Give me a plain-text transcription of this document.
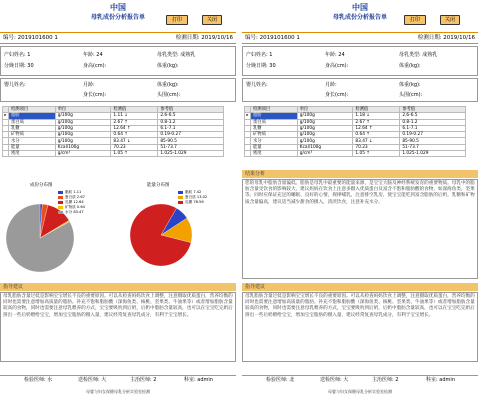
中国
母乳成份分析报告单	打印	关闭
编号: 2019101600 1	检测日期: 2019/10/16
产妇姓名: 1	年龄: 24	母乳类型: 成熟乳
分娩日期: 30	身高(cm):	体重(kg):
婴儿姓名:	月龄:	体重(kg):
身长(cm):	头围(cm):
	检测项目	单位	检测值	参考值
▸	脂肪	g/100g	1.11 ↓	2.6-6.5
	蛋白质	g/100g	2.67 ↑	0.8-1.2
	乳糖	g/100g	12.64 ↑	6.1-7.1
	矿物质	g/100g	0.64 ↑	0.19-0.27
	水分	g/100g	83.47 ↓	85-90.5
	能量	Kcal/100g	70.23	51-73.7
	密度	g/cm³	1.05 ↑	1.025-1.029
成份分布图	能量分布图
脂肪 1.11
蛋白质 2.67
乳糖 12.64
矿物质 0.64
水分 83.47
脂肪 7.42
蛋白质 13.02
乳糖 78.56
指导建议
母乳脂肪含量过低是影响宝宝增长不良的重要原因。可以从检查妈妈饮食上调整，注意摄取优质蛋白，营养均衡的同时也需要注意增加高质量的脂肪。补充不饱和脂肪酸（深海鱼类、核桃、坚果类、牛油果等）或者增加脂肪含量较高的食物，同时也需要注意母乳喂养的方式，宝宝要吸吮到后奶，后奶中脂肪含量较高，也可以在宝宝吃完奶后挤出一些后奶喂给宝宝，增加宝宝脂肪的摄入量，建议经常复查母乳成分，有利于宝宝增长。
检验医师: 水	送检医师: 大	主治医师: 2	科室: admin
母婴与妇女保健母乳分析实验室检测
中国
母乳成份分析报告单	打印	关闭
编号: 2019101600 1	检测日期: 2019/10/16
产妇姓名: 1	年龄: 24	母乳类型: 成熟乳
分娩日期: 30	身高(cm):	体重(kg):
婴儿姓名:	月龄:	体重(kg):
身长(cm):	头围(cm):
	检测项目	单位	检测值	参考值
▸	脂肪	g/100g	1.18 ↓	2.6-6.5
	蛋白质	g/100g	2.67 ↑	0.8-1.2
	乳糖	g/100g	12.64 ↑	6.1-7.1
	矿物质	g/100g	0.64 ↑	0.19-0.27
	水分	g/100g	83.47 ↓	85-90.5
	能量	Kcal/100g	70.23	51-73.7
	密度	g/cm³	1.05 ↑	1.025-1.029
结果分析
您的母乳中脂肪含量偏低。脂肪是母乳中最重要的能量来源，是宝宝大脑及神经系统发育的重要物质。母乳中的脂肪含量受饮食的影响较大，建议妈妈在饮食上注意多摄入优质蛋白及富含不饱和脂肪酸的食物，如深海鱼类、坚果等。同时应保证充足的睡眠、良好的心情，规律哺乳，注意排空乳房，使宝宝能吃到富含脂肪的后奶。乳糖和矿物质含量偏高，建议适当减少甜食的摄入，清淡饮食，注意补充水分。
指导建议
母乳脂肪含量过低是影响宝宝增长不良的重要原因。可以从检查妈妈饮食上调整，注意摄取优质蛋白，营养均衡的同时也需要注意增加高质量的脂肪。补充不饱和脂肪酸（深海鱼类、核桃、坚果类、牛油果等）或者增加脂肪含量较高的食物，同时也需要注意母乳喂养的方式，宝宝要吸吮到后奶，后奶中脂肪含量较高，也可以在宝宝吃完奶后挤出一些后奶喂给宝宝，增加宝宝脂肪的摄入量，建议经常复查母乳成分，有利于宝宝增长。
检验医师: 北	送检医师: 大	主治医师: 2	科室: admin
母婴与妇女保健母乳分析实验室检测
